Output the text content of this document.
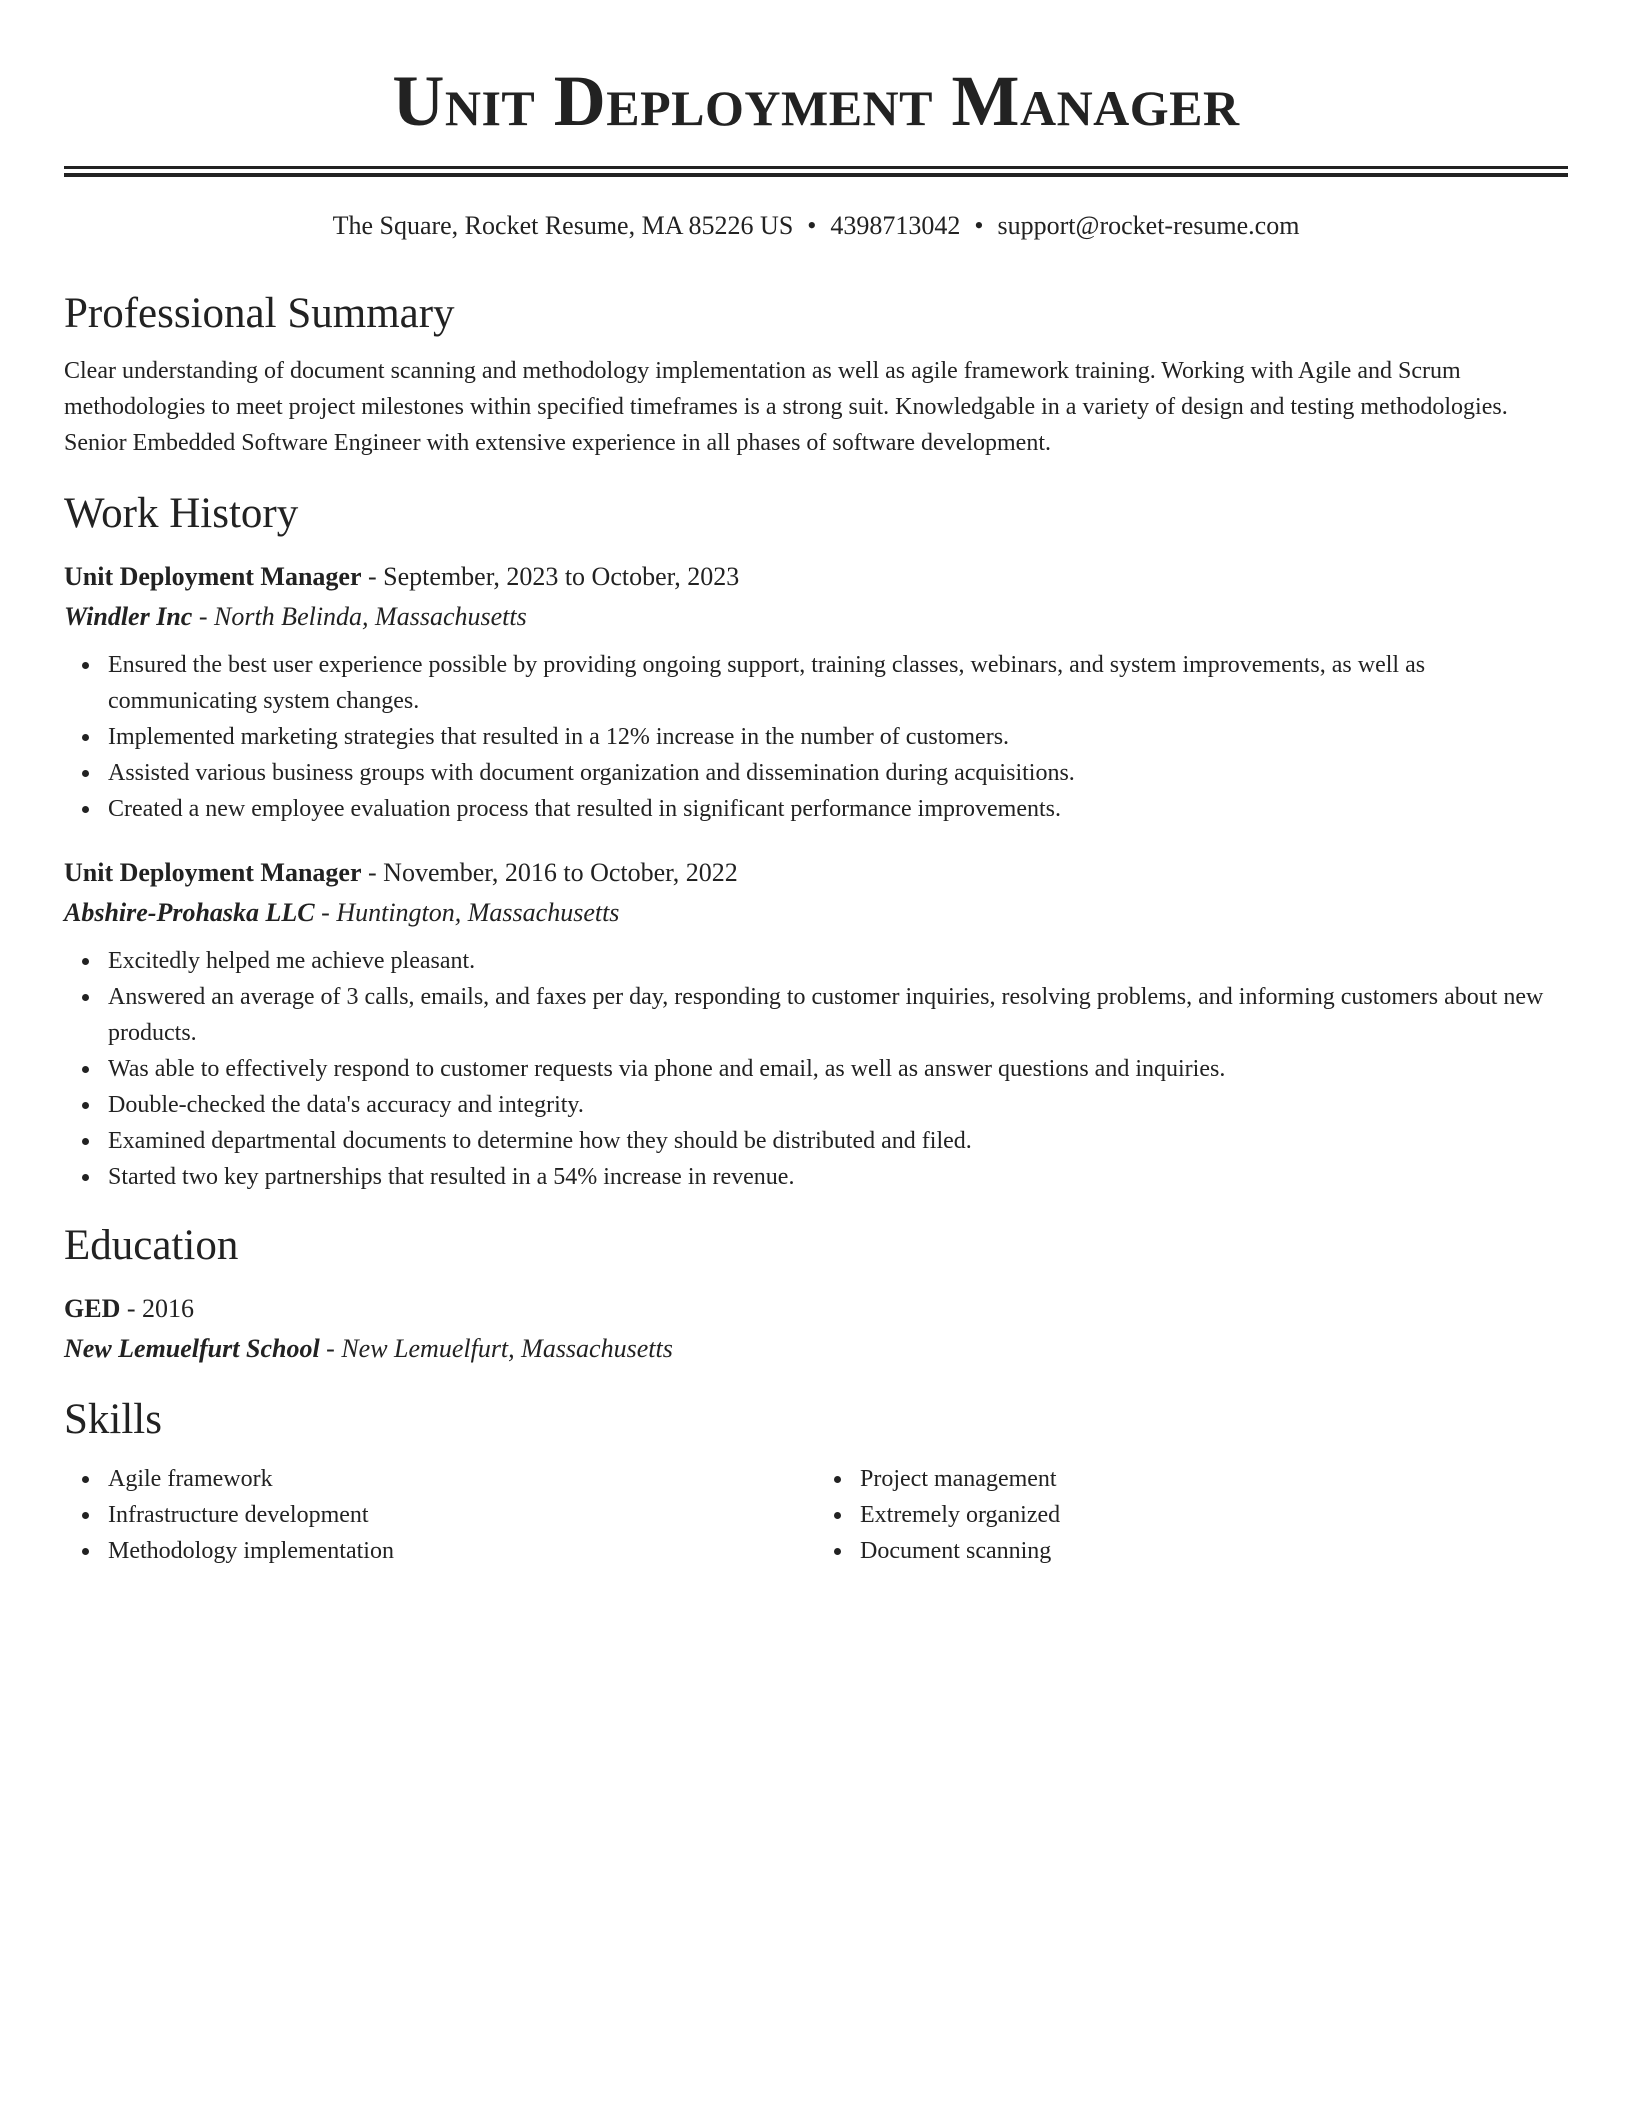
Unit Deployment Manager
The Square, Rocket Resume, MA 85226 US • 4398713042 • support@rocket-resume.com
Professional Summary

Clear understanding of document scanning and methodology implementation as well as agile framework training. Working with Agile and Scrum methodologies to meet project milestones within specified timeframes is a strong suit. Knowledgable in a variety of design and testing methodologies. Senior Embedded Software Engineer with extensive experience in all phases of software development.

Work History
Unit Deployment Manager - September, 2023 to October, 2023
Windler Inc - North Belinda, Massachusetts
Ensured the best user experience possible by providing ongoing support, training classes, webinars, and system improvements, as well as communicating system changes.
Implemented marketing strategies that resulted in a 12% increase in the number of customers.
Assisted various business groups with document organization and dissemination during acquisitions.
Created a new employee evaluation process that resulted in significant performance improvements.
Unit Deployment Manager - November, 2016 to October, 2022
Abshire-Prohaska LLC - Huntington, Massachusetts
Excitedly helped me achieve pleasant.
Answered an average of 3 calls, emails, and faxes per day, responding to customer inquiries, resolving problems, and informing customers about new products.
Was able to effectively respond to customer requests via phone and email, as well as answer questions and inquiries.
Double-checked the data's accuracy and integrity.
Examined departmental documents to determine how they should be distributed and filed.
Started two key partnerships that resulted in a 54% increase in revenue.
Education
GED - 2016
New Lemuelfurt School - New Lemuelfurt, Massachusetts
Skills
Agile framework
Infrastructure development
Methodology implementation
Project management
Extremely organized
Document scanning
